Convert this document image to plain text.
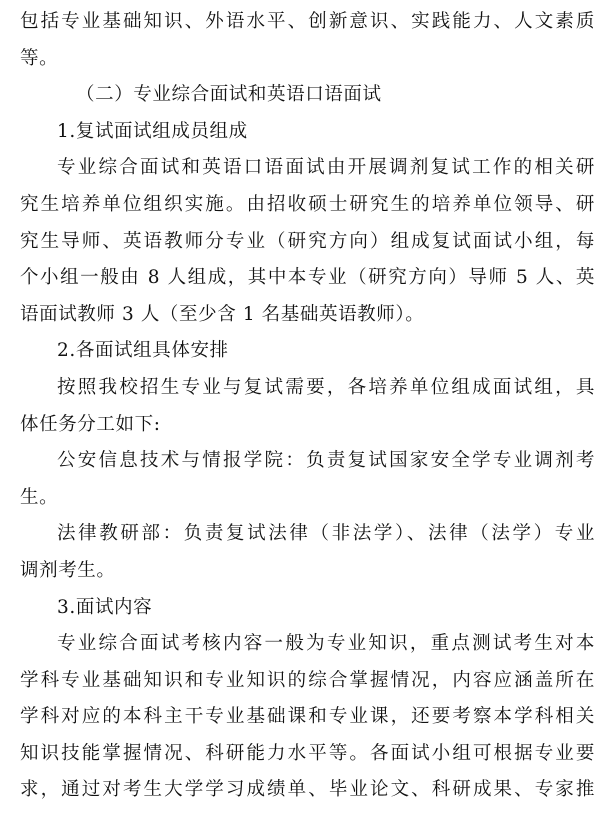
包括专业基础知识、外语水平、创新意识、实践能力、人文素质
等。
（二）专业综合面试和英语口语面试
1.复试面试组成员组成
专业综合面试和英语口语面试由开展调剂复试工作的相关研
究生培养单位组织实施。由招收硕士研究生的培养单位领导、研
究生导师、英语教师分专业（研究方向）组成复试面试小组，每
个小组一般由 8 人组成，其中本专业（研究方向）导师 5 人、英
语面试教师 3 人（至少含 1 名基础英语教师）。
2.各面试组具体安排
按照我校招生专业与复试需要，各培养单位组成面试组，具
体任务分工如下:
公安信息技术与情报学院：负责复试国家安全学专业调剂考
生。
法律教研部：负责复试法律（非法学）、法律（法学）专业
调剂考生。
3.面试内容
专业综合面试考核内容一般为专业知识，重点测试考生对本
学科专业基础知识和专业知识的综合掌握情况，内容应涵盖所在
学科对应的本科主干专业基础课和专业课，还要考察本学科相关
知识技能掌握情况、科研能力水平等。各面试小组可根据专业要
求，通过对考生大学学习成绩单、毕业论文、科研成果、专家推
